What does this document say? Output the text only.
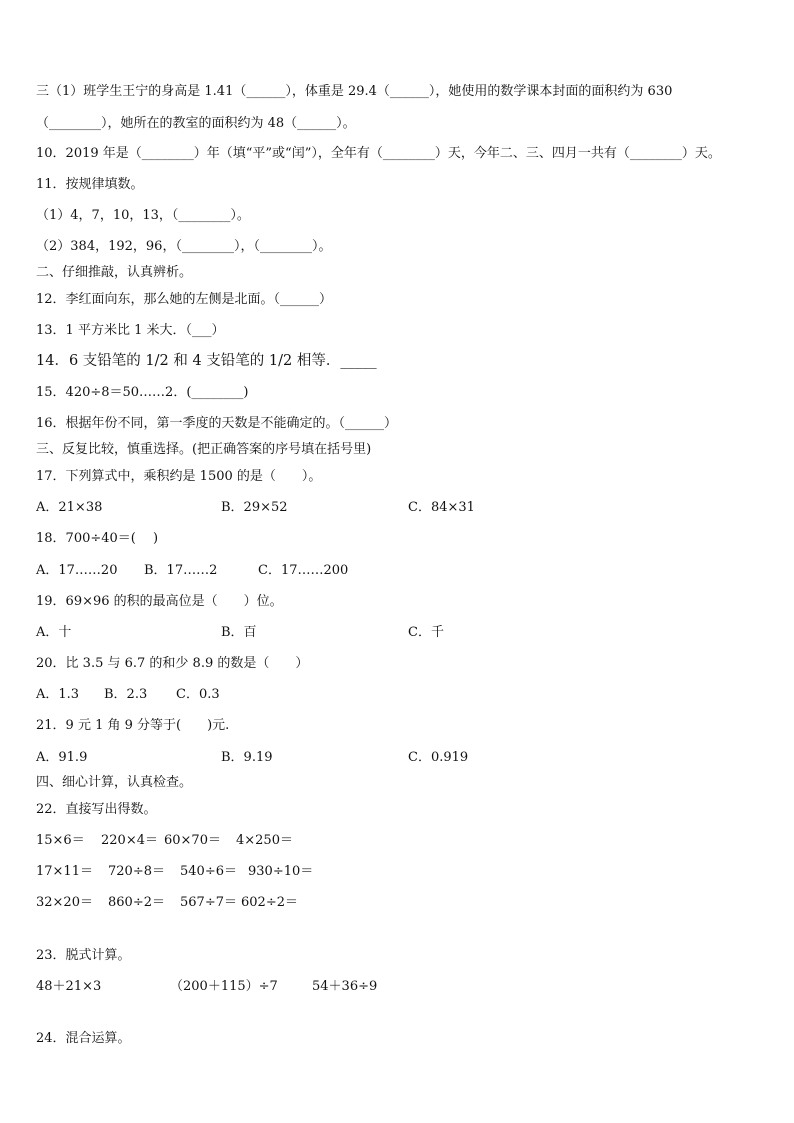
三（1）班学生王宁的身高是 1.41（______），体重是 29.4（______），她使用的数学课本封面的面积约为 630
（________），她所在的教室的面积约为 48（______）。
10．2019 年是（________）年（填“平”或“闰”），全年有（________）天，今年二、三、四月一共有（________）天。
11．按规律填数。
（1）4，7，10，13，（________）。
（2）384，192，96，（________），（________）。
二、仔细推敲，认真辨析。
12．李红面向东，那么她的左侧是北面。（______）
13．1 平方米比 1 米大．（___）
14．6 支铅笔的 1/2 和 4 支铅笔的 1/2 相等．_____
15．420÷8＝50……2．(________)
16．根据年份不同，第一季度的天数是不能确定的。（______）
三、反复比较，慎重选择。(把正确答案的序号填在括号里)
17．下列算式中，乘积约是 1500 的是（　　）。
A．21×38	B．29×52	C．84×31
18．700÷40＝(　 )
A．17……20 B．17……2	C．17……200
19．69×96 的积的最高位是（　　）位。
A．十	B．百	C．千
20．比 3.5 与 6.7 的和少 8.9 的数是（　　）
A．1.3 B．2.3 C．0.3
21．9 元 1 角 9 分等于(　　)元.
A．91.9	B．9.19	C．0.919
四、细心计算，认真检查。
22．直接写出得数。
15×6＝ 220×4＝ 60×70＝ 4×250＝
17×11＝ 720÷8＝ 540÷6＝ 930÷10＝
32×20＝ 860÷2＝ 567÷7＝ 602÷2＝
23．脱式计算。
48＋21×3	（200＋115）÷7	54＋36÷9
24．混合运算。
